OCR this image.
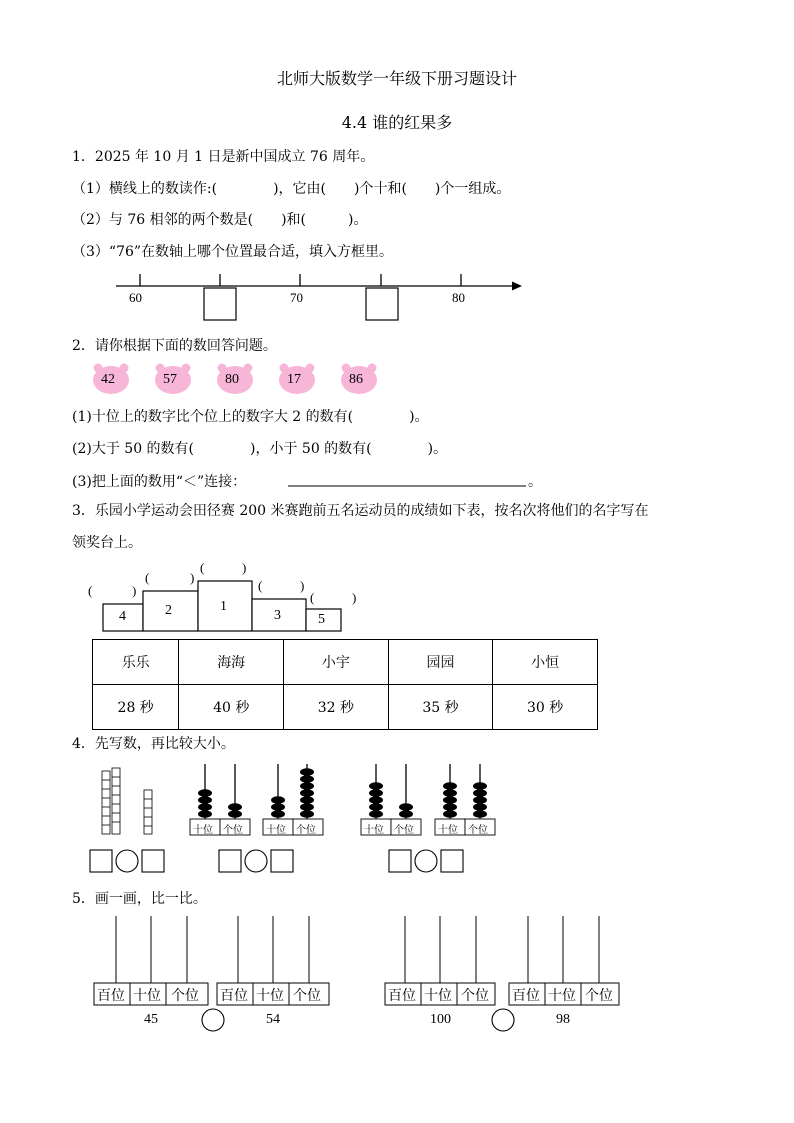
北师大版数学一年级下册习题设计
4.4 谁的红果多
1．2025 年 10 月 1 日是新中国成立 76 周年。
（1）横线上的数读作:(　　　　)，它由(　　)个十和(　　)个一组成。
（2）与 76 相邻的两个数是(　　)和(　　　)。
（3）“76”在数轴上哪个位置最合适，填入方框里。
60	70	80
2．请你根据下面的数回答问题。
42	57	80	17	86
(1)十位上的数字比个位上的数字大 2 的数有(　　　　)。
(2)大于 50 的数有(　　　　)，小于 50 的数有(　　　　)。
(3)把上面的数用“＜”连接：	。
3．乐园小学运动会田径赛 200 米赛跑前五名运动员的成绩如下表，按名次将他们的名字写在
领奖台上。
(	)
(	)
(	)
(	)
(	)
4	2	1
3	5
乐乐	海海	小宇	园园	小恒
28 秒	40 秒	32 秒	35 秒	30 秒
4．先写数，再比较大小。
十位 个位 十位 个位	十位 个位 十位 个位
5．画一画，比一比。
百位 十位 个位 百位 十位 个位	百位 十位 个位 百位 十位 个位
45	54	100	98
